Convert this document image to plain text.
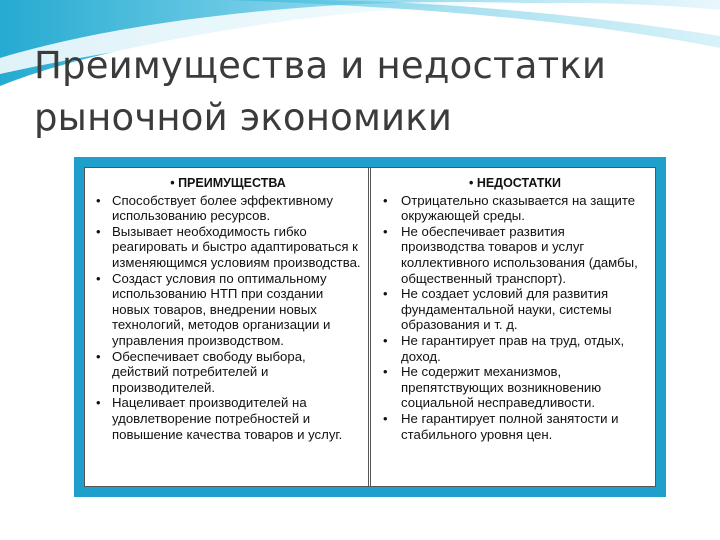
Преимущества и недостатки
рыночной экономики
• ПРЕИМУЩЕСТВА
• Способствует более эффективному использованию ресурсов.
• Вызывает необходимость гибко реагировать и быстро адаптироваться к изменяющимся условиям производства.
• Создаст условия по оптимальному использованию НТП при создании новых товаров, внедрении новых технологий, методов организации и управления производством.
• Обеспечивает свободу выбора, действий потребителей и производителей.
• Нацеливает производителей на удовлетворение потребностей и повышение качества товаров и услуг.
• НЕДОСТАТКИ
• Отрицательно сказывается на защите окружающей среды.
• Не обеспечивает развития производства товаров и услуг коллективного использования (дамбы, общественный транспорт).
• Не создает условий для развития фундаментальной науки, системы образования и т. д.
• Не гарантирует прав на труд, отдых, доход.
• Не содержит механизмов, препятствующих возникновению социальной несправедливости.
• Не гарантирует полной занятости и стабильного уровня цен.
